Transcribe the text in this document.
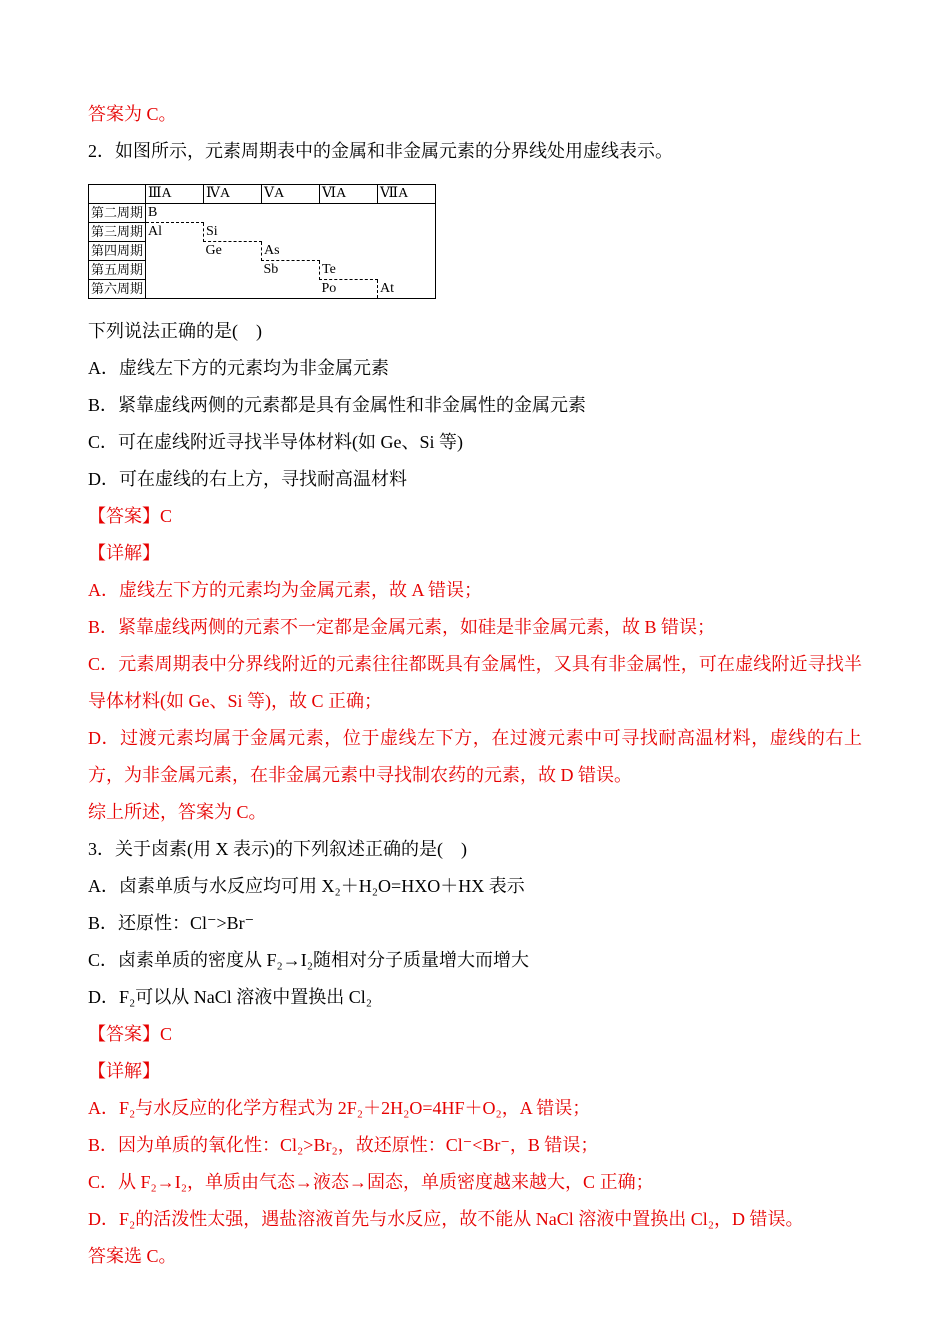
答案为 C。

2．如图所示，元素周期表中的金属和非金属元素的分界线处用虚线表示。

	ⅢA	ⅣA	ⅤA	ⅥA	ⅦA
第二周期	B				
第三周期	Al	Si			
第四周期		Ge	As		
第五周期			Sb	Te	
第六周期				Po	At

下列说法正确的是(　)

A．虚线左下方的元素均为非金属元素

B．紧靠虚线两侧的元素都是具有金属性和非金属性的金属元素

C．可在虚线附近寻找半导体材料(如 Ge、Si 等)

D．可在虚线的右上方，寻找耐高温材料

【答案】C

【详解】

A．虚线左下方的元素均为金属元素，故 A 错误；

B．紧靠虚线两侧的元素不一定都是金属元素，如硅是非金属元素，故 B 错误；

C．元素周期表中分界线附近的元素往往都既具有金属性，又具有非金属性，可在虚线附近寻找半导体材料(如 Ge、Si 等)，故 C 正确；

D．过渡元素均属于金属元素，位于虚线左下方，在过渡元素中可寻找耐高温材料，虚线的右上方，为非金属元素，在非金属元素中寻找制农药的元素，故 D 错误。

综上所述，答案为 C。

3．关于卤素(用 X 表示)的下列叙述正确的是(　)

A．卤素单质与水反应均可用 X₂＋H₂O=HXO＋HX 表示

B．还原性：Cl⁻>Br⁻

C．卤素单质的密度从 F₂→I₂随相对分子质量增大而增大

D．F₂可以从 NaCl 溶液中置换出 Cl₂

【答案】C

【详解】

A．F₂与水反应的化学方程式为 2F₂＋2H₂O=4HF＋O₂，A 错误；

B．因为单质的氧化性：Cl₂>Br₂，故还原性：Cl⁻<Br⁻，B 错误；

C．从 F₂→I₂，单质由气态→液态→固态，单质密度越来越大，C 正确；

D．F₂的活泼性太强，遇盐溶液首先与水反应，故不能从 NaCl 溶液中置换出 Cl₂，D 错误。

答案选 C。
